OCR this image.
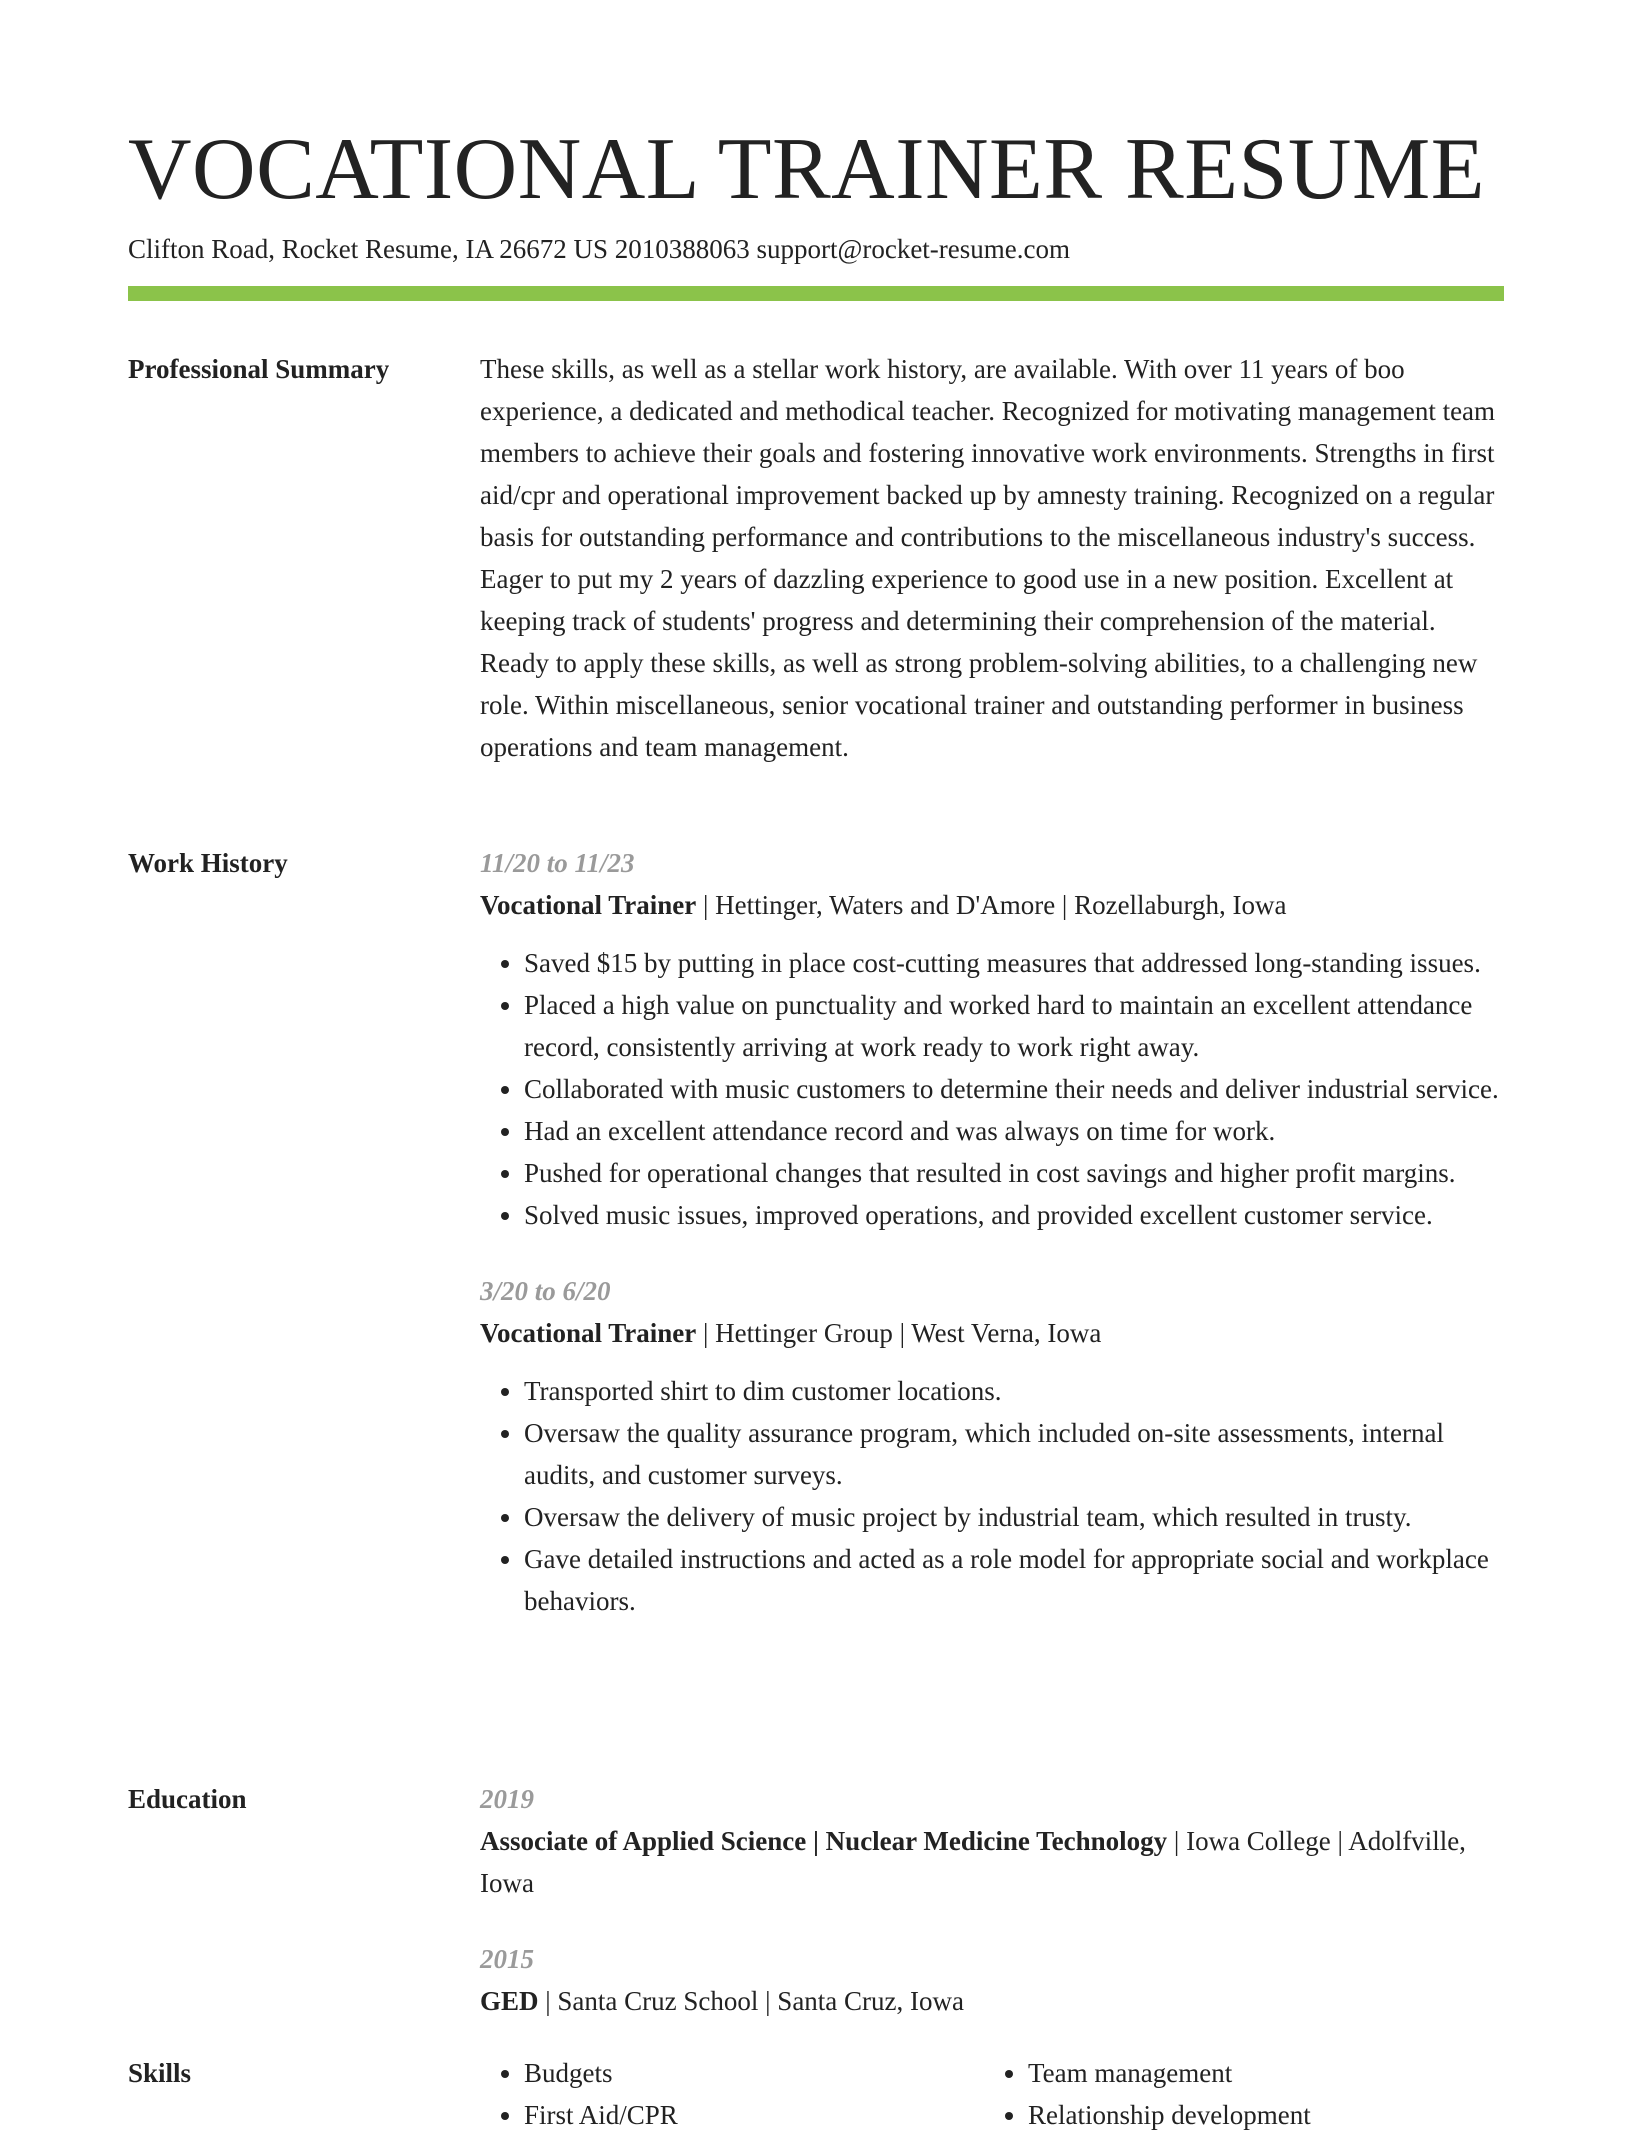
VOCATIONAL TRAINER RESUME
Clifton Road, Rocket Resume, IA 26672 US 2010388063 support@rocket-resume.com
Professional Summary	These skills, as well as a stellar work history, are available. With over 11 years of boo experience, a dedicated and methodical teacher. Recognized for motivating management team members to achieve their goals and fostering innovative work environments. Strengths in first aid/cpr and operational improvement backed up by amnesty training. Recognized on a regular basis for outstanding performance and contributions to the miscellaneous industry's success. Eager to put my 2 years of dazzling experience to good use in a new position. Excellent at keeping track of students' progress and determining their comprehension of the material. Ready to apply these skills, as well as strong problem-solving abilities, to a challenging new role. Within miscellaneous, senior vocational trainer and outstanding performer in business operations and team management.

Work History	11/20 to 11/23
Vocational Trainer | Hettinger, Waters and D'Amore | Rozellaburgh, Iowa
• Saved $15 by putting in place cost-cutting measures that addressed long-standing issues.
• Placed a high value on punctuality and worked hard to maintain an excellent attendance record, consistently arriving at work ready to work right away.
• Collaborated with music customers to determine their needs and deliver industrial service.
• Had an excellent attendance record and was always on time for work.
• Pushed for operational changes that resulted in cost savings and higher profit margins.
• Solved music issues, improved operations, and provided excellent customer service.
3/20 to 6/20
Vocational Trainer | Hettinger Group | West Verna, Iowa
• Transported shirt to dim customer locations.
• Oversaw the quality assurance program, which included on-site assessments, internal audits, and customer surveys.
• Oversaw the delivery of music project by industrial team, which resulted in trusty.
• Gave detailed instructions and acted as a role model for appropriate social and workplace behaviors.
Education	2019
Associate of Applied Science | Nuclear Medicine Technology | Iowa College | Adolfville, Iowa
2015
GED | Santa Cruz School | Santa Cruz, Iowa
Skills
•	Budgets
• First Aid/CPR
• Team management
• Relationship development
